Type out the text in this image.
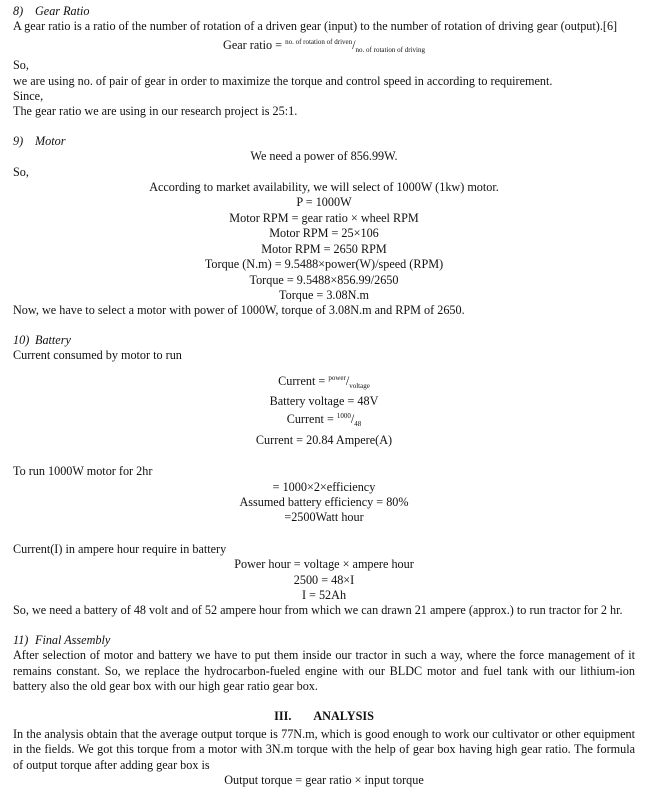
8) Gear Ratio

A gear ratio is a ratio of the number of rotation of a driven gear (input) to the number of rotation of driving gear (output).[6]

Gear ratio = $^{no. of rotation of driven}/_{no. of rotation of driving}$

So,

we are using no. of pair of gear in order to maximize the torque and control speed in according to requirement.

Since,

The gear ratio we are using in our research project is 25:1.

9) Motor

We need a power of 856.99W.

So,

According to market availability, we will select of 1000W (1kw) motor.

P = 1000W

Motor RPM = gear ratio × wheel RPM

Motor RPM = 25×106

Motor RPM = 2650 RPM

Torque (N.m) = 9.5488×power(W)/speed (RPM)

Torque = 9.5488×856.99/2650

Torque = 3.08N.m

Now, we have to select a motor with power of 1000W, torque of 3.08N.m and RPM of 2650.

10) Battery

Current consumed by motor to run

Current = $^{power}/_{voltage}$

Battery voltage = 48V

Current = $^{1000}/_{48}$

Current = 20.84 Ampere(A)

To run 1000W motor for 2hr

= 1000×2×efficiency

Assumed battery efficiency = 80%

=2500Watt hour

Current(I) in ampere hour require in battery

Power hour = voltage × ampere hour

2500 = 48×I

I = 52Ah

So, we need a battery of 48 volt and of 52 ampere hour from which we can drawn 21 ampere (approx.) to run tractor for 2 hr.

11) Final Assembly

After selection of motor and battery we have to put them inside our tractor in such a way, where the force management of it remains constant. So, we replace the hydrocarbon-fueled engine with our BLDC motor and fuel tank with our lithium-ion battery also the old gear box with our high gear ratio gear box.

III. ANALYSIS

In the analysis obtain that the average output torque is 77N.m, which is good enough to work our cultivator or other equipment in the fields. We got this torque from a motor with 3N.m torque with the help of gear box having high gear ratio. The formula of output torque after adding gear box is

Output torque = gear ratio × input torque
